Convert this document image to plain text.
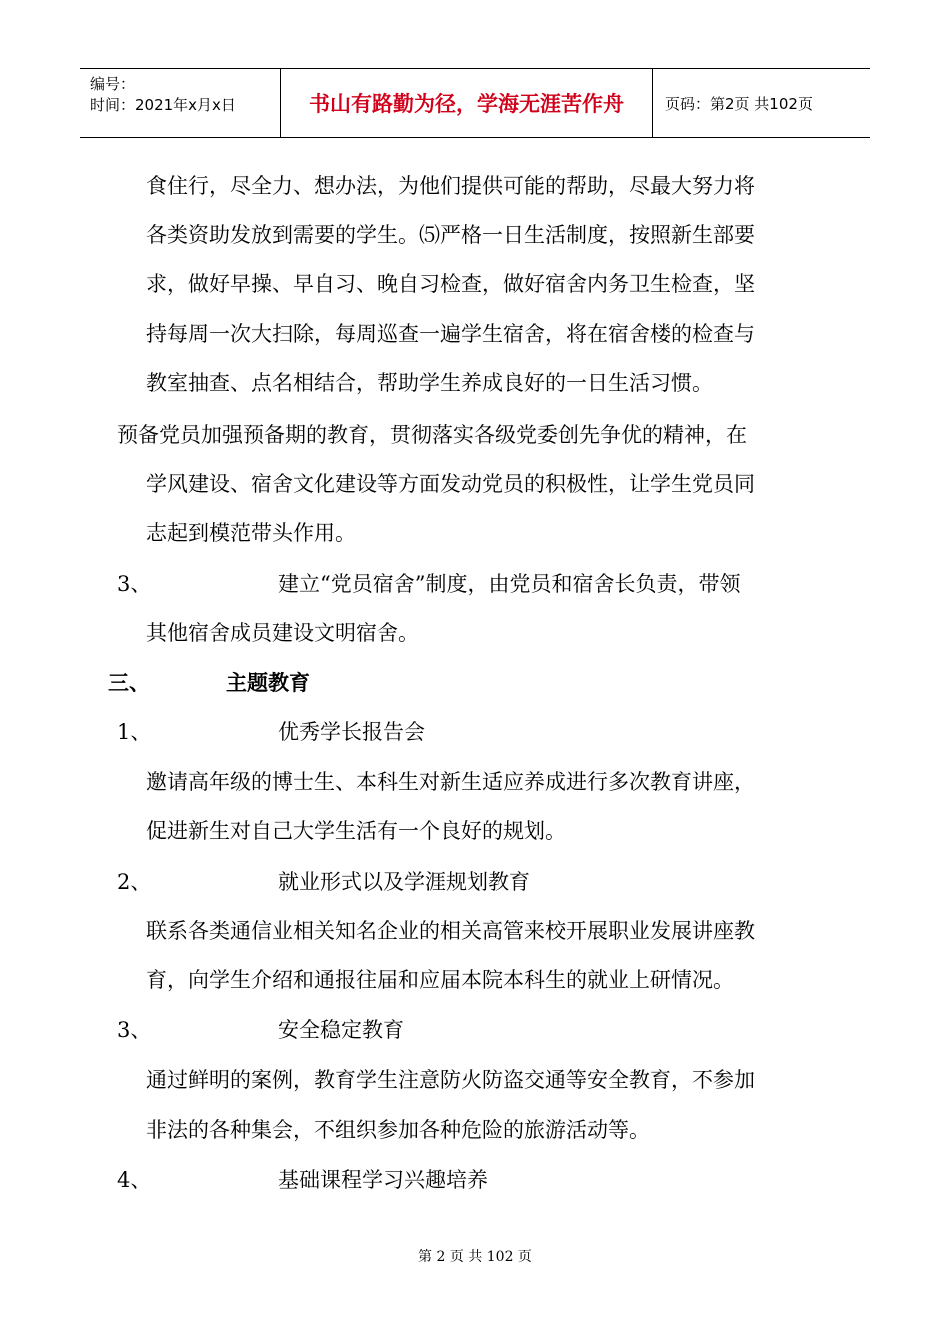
编号：
时间：2021年x月x日	书山有路勤为径，学海无涯苦作舟	页码：第2页 共102页
食住行，尽全力、想办法，为他们提供可能的帮助，尽最大努力将
各类资助发放到需要的学生。⑸严格一日生活制度，按照新生部要
求，做好早操、早自习、晚自习检查，做好宿舍内务卫生检查，坚
持每周一次大扫除，每周巡查一遍学生宿舍，将在宿舍楼的检查与
教室抽查、点名相结合，帮助学生养成良好的一日生活习惯。
预备党员加强预备期的教育，贯彻落实各级党委创先争优的精神，在
学风建设、宿舍文化建设等方面发动党员的积极性，让学生党员同
志起到模范带头作用。
3、	建立“党员宿舍”制度，由党员和宿舍长负责，带领
其他宿舍成员建设文明宿舍。
三、	主题教育
1、	优秀学长报告会
邀请高年级的博士生、本科生对新生适应养成进行多次教育讲座，
促进新生对自己大学生活有一个良好的规划。
2、	就业形式以及学涯规划教育
联系各类通信业相关知名企业的相关高管来校开展职业发展讲座教
育，向学生介绍和通报往届和应届本院本科生的就业上研情况。
3、	安全稳定教育
通过鲜明的案例，教育学生注意防火防盗交通等安全教育，不参加
非法的各种集会，不组织参加各种危险的旅游活动等。
4、	基础课程学习兴趣培养
第 2 页 共 102 页
